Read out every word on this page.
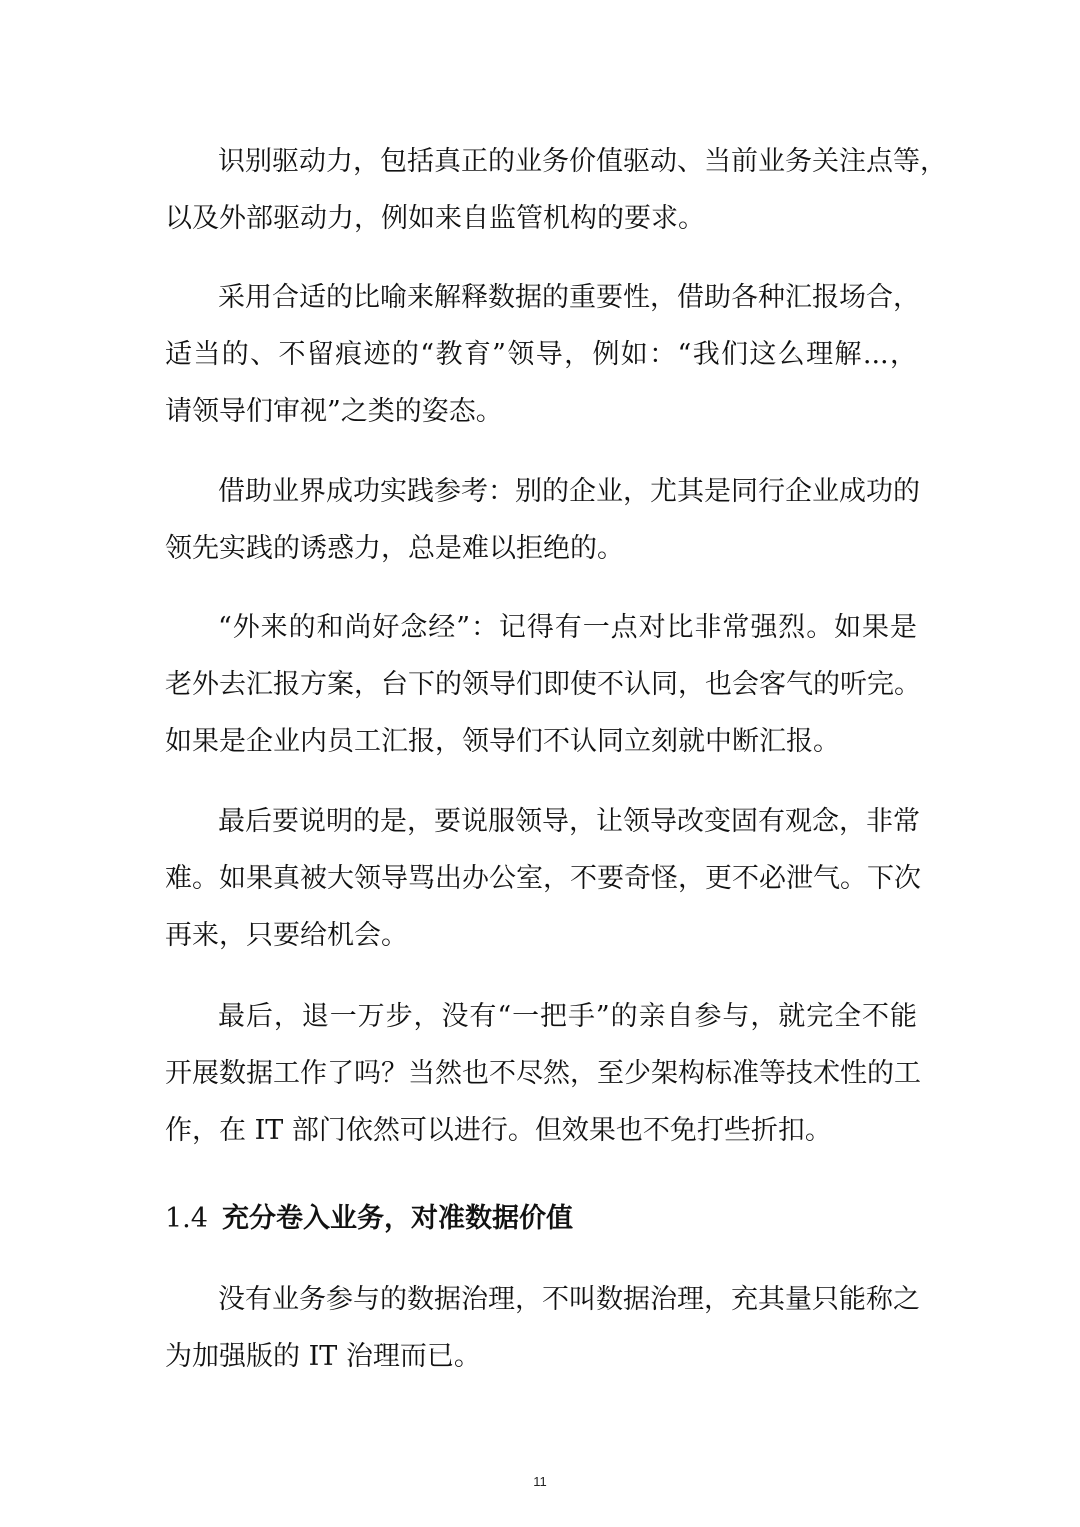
识别驱动力，包括真正的业务价值驱动、当前业务关注点等，
以及外部驱动力，例如来自监管机构的要求。
采用合适的比喻来解释数据的重要性，借助各种汇报场合，
适当的、不留痕迹的“教育”领导，例如：“我们这么理解...，
请领导们审视”之类的姿态。
借助业界成功实践参考：别的企业，尤其是同行企业成功的
领先实践的诱惑力，总是难以拒绝的。
“外来的和尚好念经”：记得有一点对比非常强烈。如果是
老外去汇报方案，台下的领导们即使不认同，也会客气的听完。
如果是企业内员工汇报，领导们不认同立刻就中断汇报。
最后要说明的是，要说服领导，让领导改变固有观念，非常
难。如果真被大领导骂出办公室，不要奇怪，更不必泄气。下次
再来，只要给机会。
最后，退一万步，没有“一把手”的亲自参与，就完全不能
开展数据工作了吗？当然也不尽然，至少架构标准等技术性的工
作，在 IT 部门依然可以进行。但效果也不免打些折扣。
1.4 充分卷入业务，对准数据价值
没有业务参与的数据治理，不叫数据治理，充其量只能称之
为加强版的 IT 治理而已。
11
